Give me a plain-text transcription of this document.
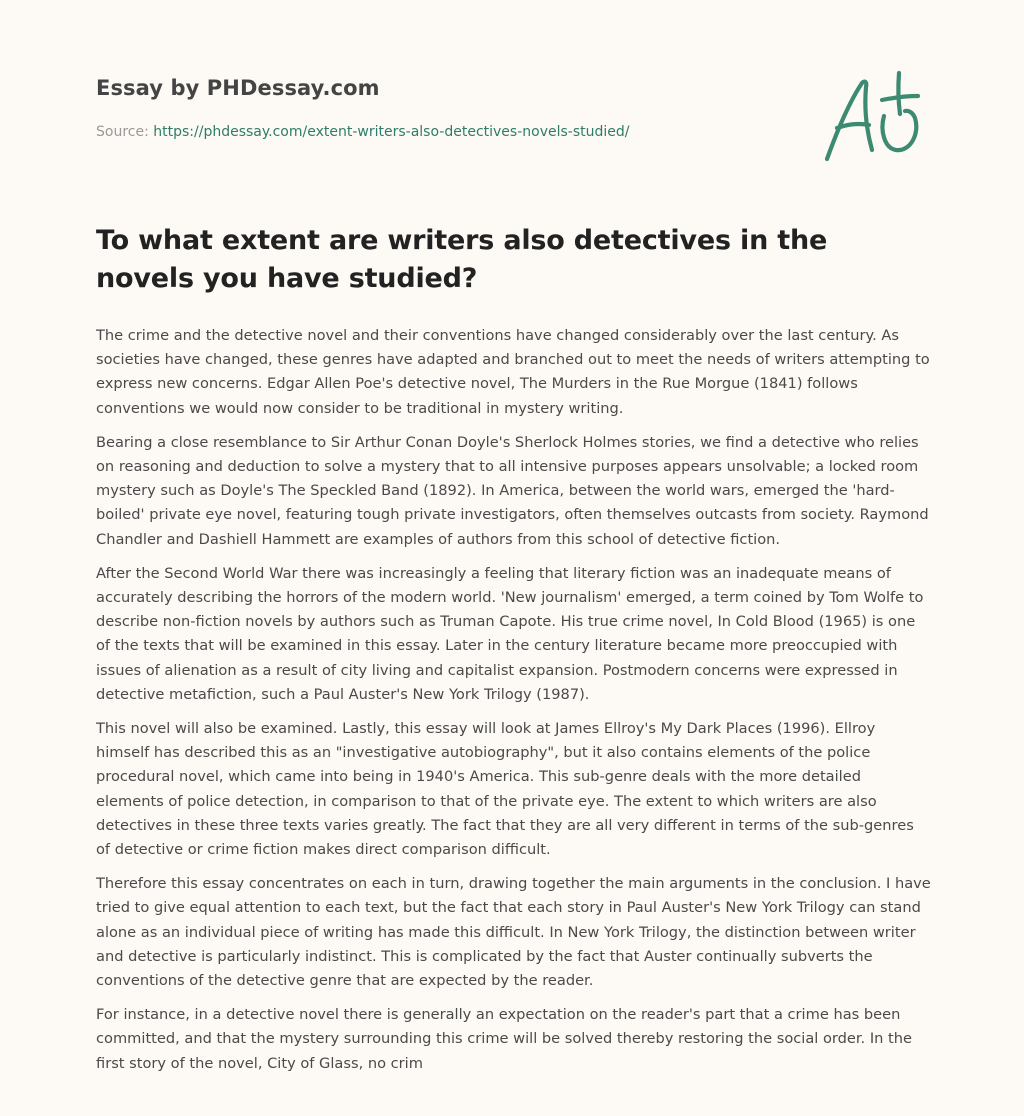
Essay by PHDessay.com
Source: https://phdessay.com/extent-writers-also-detectives-novels-studied/
To what extent are writers also detectives in the novels you have studied?

The crime and the detective novel and their conventions have changed considerably over the last century. As societies have changed, these genres have adapted and branched out to meet the needs of writers attempting to express new concerns. Edgar Allen Poe's detective novel, The Murders in the Rue Morgue (1841) follows conventions we would now consider to be traditional in mystery writing.

Bearing a close resemblance to Sir Arthur Conan Doyle's Sherlock Holmes stories, we find a detective who relies on reasoning and deduction to solve a mystery that to all intensive purposes appears unsolvable; a locked room mystery such as Doyle's The Speckled Band (1892). In America, between the world wars, emerged the 'hard-boiled' private eye novel, featuring tough private investigators, often themselves outcasts from society. Raymond Chandler and Dashiell Hammett are examples of authors from this school of detective fiction.

After the Second World War there was increasingly a feeling that literary fiction was an inadequate means of accurately describing the horrors of the modern world. 'New journalism' emerged, a term coined by Tom Wolfe to describe non-fiction novels by authors such as Truman Capote. His true crime novel, In Cold Blood (1965) is one of the texts that will be examined in this essay. Later in the century literature became more preoccupied with issues of alienation as a result of city living and capitalist expansion. Postmodern concerns were expressed in detective metafiction, such a Paul Auster's New York Trilogy (1987).

This novel will also be examined. Lastly, this essay will look at James Ellroy's My Dark Places (1996). Ellroy himself has described this as an "investigative autobiography", but it also contains elements of the police procedural novel, which came into being in 1940's America. This sub-genre deals with the more detailed elements of police detection, in comparison to that of the private eye. The extent to which writers are also detectives in these three texts varies greatly. The fact that they are all very different in terms of the sub-genres of detective or crime fiction makes direct comparison difficult.

Therefore this essay concentrates on each in turn, drawing together the main arguments in the conclusion. I have tried to give equal attention to each text, but the fact that each story in Paul Auster's New York Trilogy can stand alone as an individual piece of writing has made this difficult. In New York Trilogy, the distinction between writer and detective is particularly indistinct. This is complicated by the fact that Auster continually subverts the conventions of the detective genre that are expected by the reader.

For instance, in a detective novel there is generally an expectation on the reader's part that a crime has been committed, and that the mystery surrounding this crime will be solved thereby restoring the social order. In the first story of the novel, City of Glass, no crim
